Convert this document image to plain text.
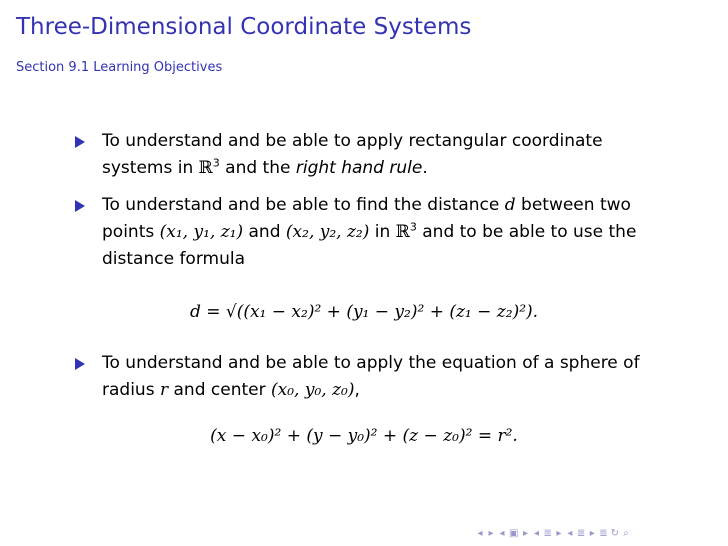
Three-Dimensional Coordinate Systems
Section 9.1 Learning Objectives
To understand and be able to apply rectangular coordinate
systems in ℝ$^3$ and the right hand rule.
To understand and be able to find the distance d between two
points (x₁, y₁, z₁) and (x₂, y₂, z₂) in ℝ$^3$ and to be able to use the
distance formula
d = √((x₁ − x₂)² + (y₁ − y₂)² + (z₁ − z₂)²).
To understand and be able to apply the equation of a sphere of
radius r and center (x₀, y₀, z₀),
(x − x₀)² + (y − y₀)² + (z − z₀)² = r².
◂ ▸ ◂ ▣ ▸ ◂ ≣ ▸ ◂ ≣ ▸ ≣ ↻ ⌕
